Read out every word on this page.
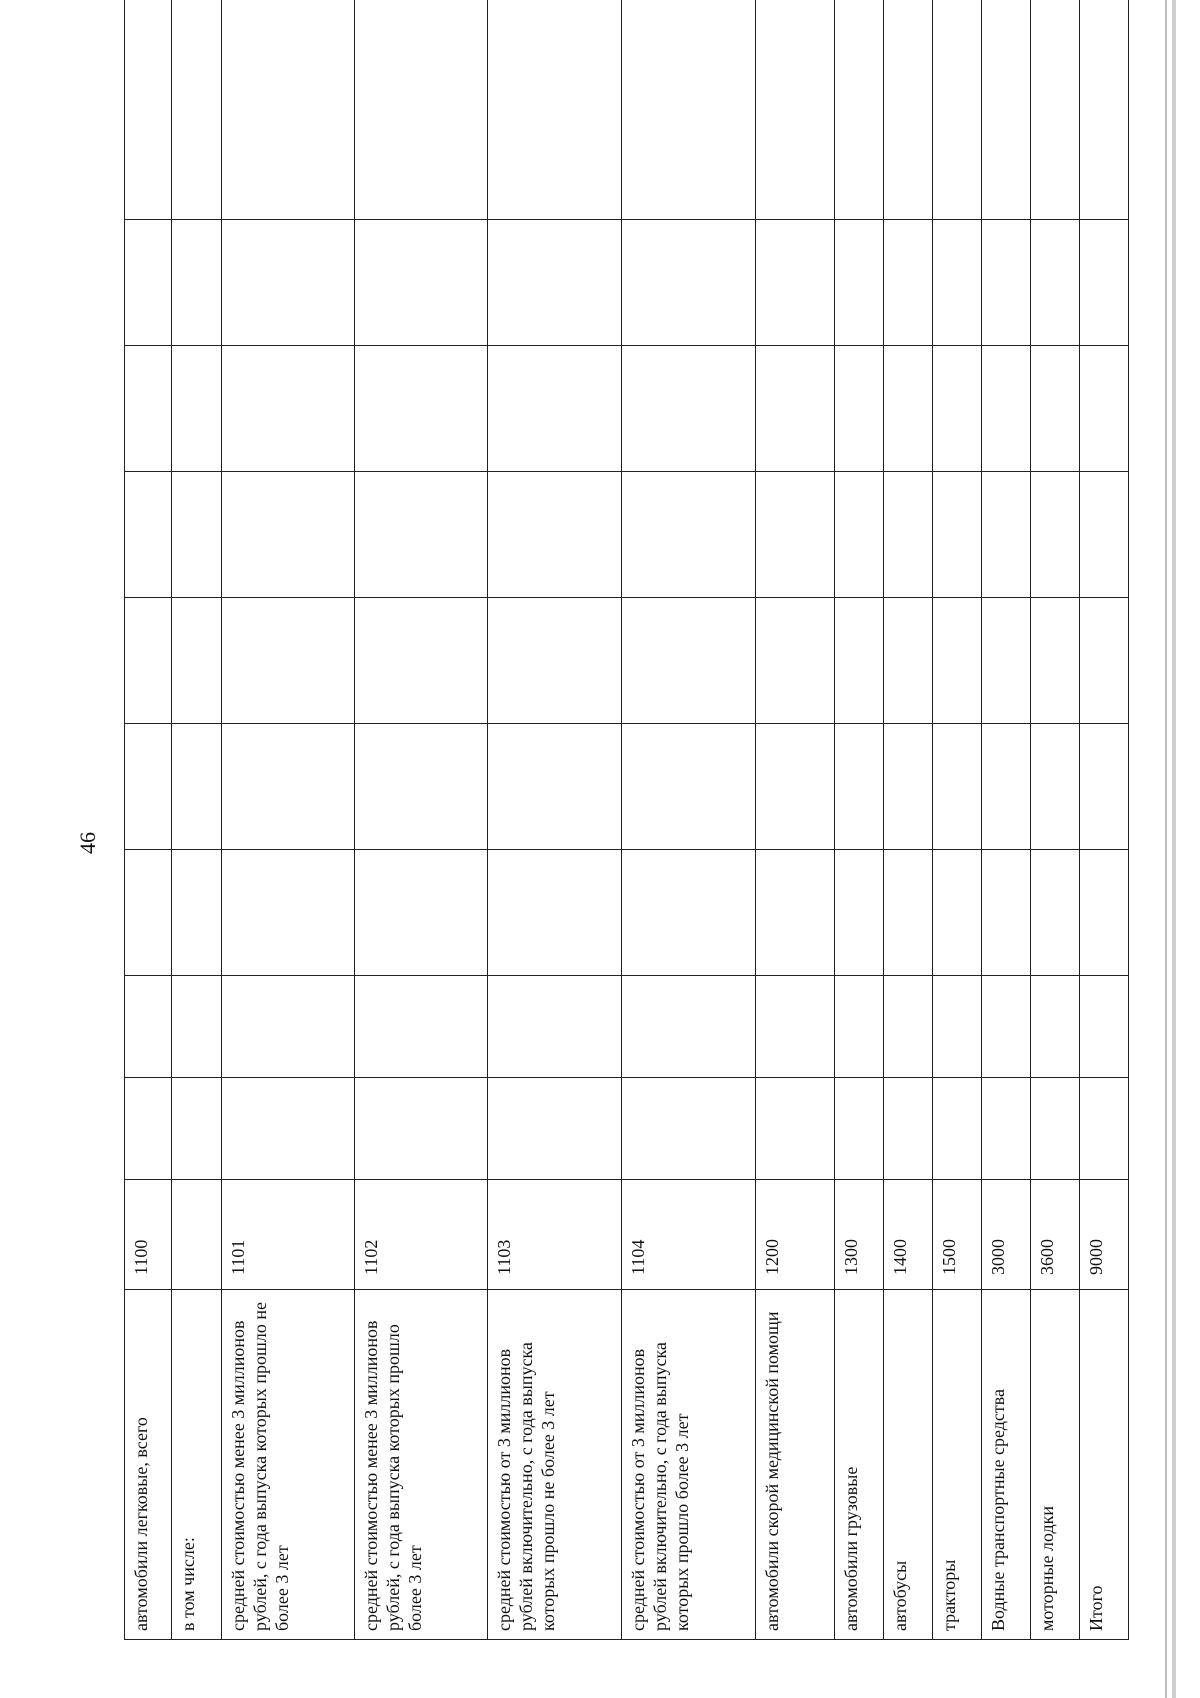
46
автомобили легковые, всего	1100									
в том числе:										
средней стоимостью менее 3 миллионов рублей, с года выпуска которых прошло не более 3 лет	1101									
средней стоимостью менее 3 миллионов рублей, с года выпуска которых прошло более 3 лет	1102									
средней стоимостью от 3 миллионов рублей включительно, с года выпуска которых прошло не более 3 лет	1103									
средней стоимостью от 3 миллионов рублей включительно, с года выпуска которых прошло более 3 лет	1104									
автомобили скорой медицинской помощи	1200									
автомобили грузовые	1300									
автобусы	1400									
тракторы	1500									
Водные транспортные средства	3000									
моторные лодки	3600									
Итого	9000									
